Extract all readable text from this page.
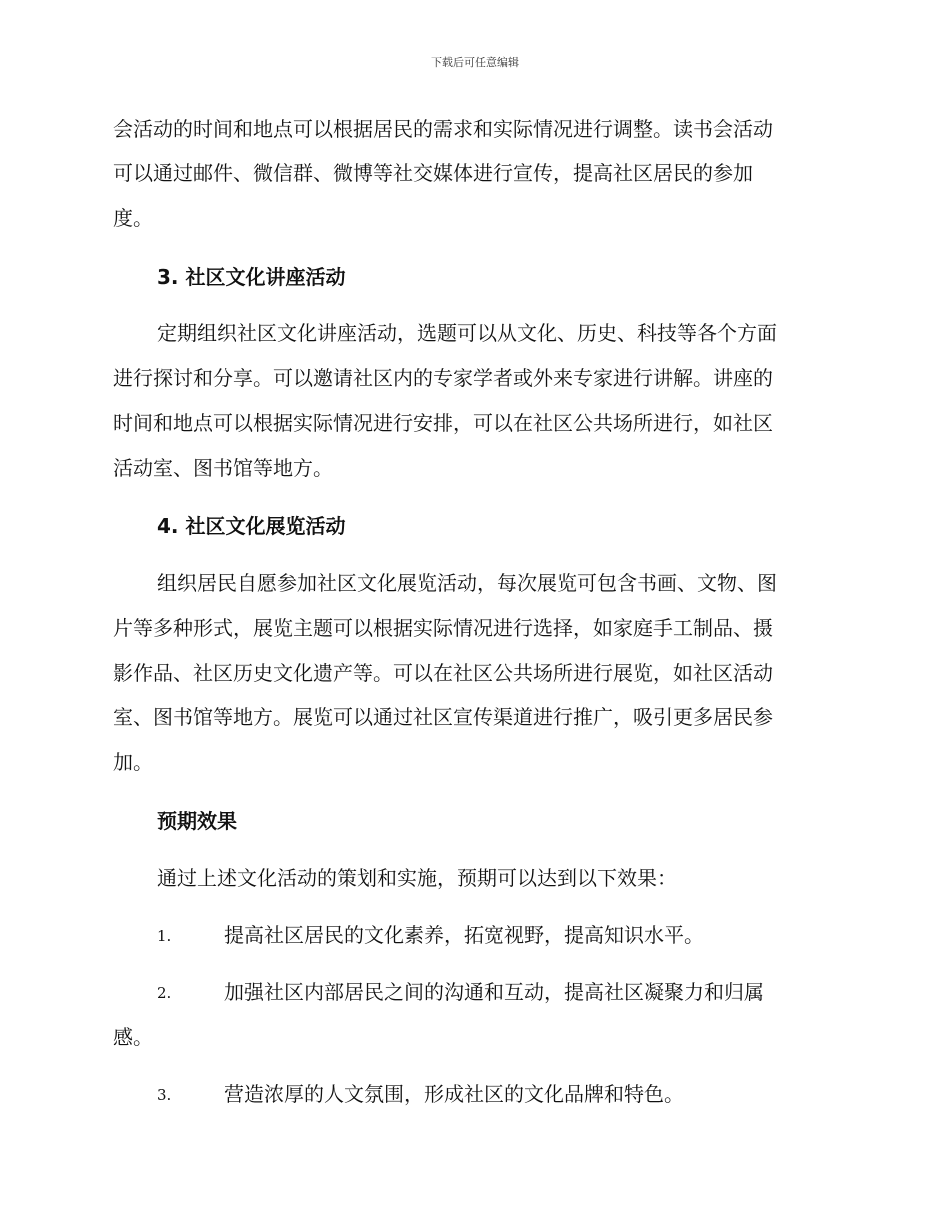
下载后可任意编辑
会活动的时间和地点可以根据居民的需求和实际情况进行调整。读书会活动
可以通过邮件、微信群、微博等社交媒体进行宣传，提高社区居民的参加
度。
3. 社区文化讲座活动
定期组织社区文化讲座活动，选题可以从文化、历史、科技等各个方面
进行探讨和分享。可以邀请社区内的专家学者或外来专家进行讲解。讲座的
时间和地点可以根据实际情况进行安排，可以在社区公共场所进行，如社区
活动室、图书馆等地方。
4. 社区文化展览活动
组织居民自愿参加社区文化展览活动，每次展览可包含书画、文物、图
片等多种形式，展览主题可以根据实际情况进行选择，如家庭手工制品、摄
影作品、社区历史文化遗产等。可以在社区公共场所进行展览，如社区活动
室、图书馆等地方。展览可以通过社区宣传渠道进行推广，吸引更多居民参
加。
预期效果
通过上述文化活动的策划和实施，预期可以达到以下效果：
1.	提高社区居民的文化素养，拓宽视野，提高知识水平。
2.	加强社区内部居民之间的沟通和互动，提高社区凝聚力和归属
感。
3.	营造浓厚的人文氛围，形成社区的文化品牌和特色。
